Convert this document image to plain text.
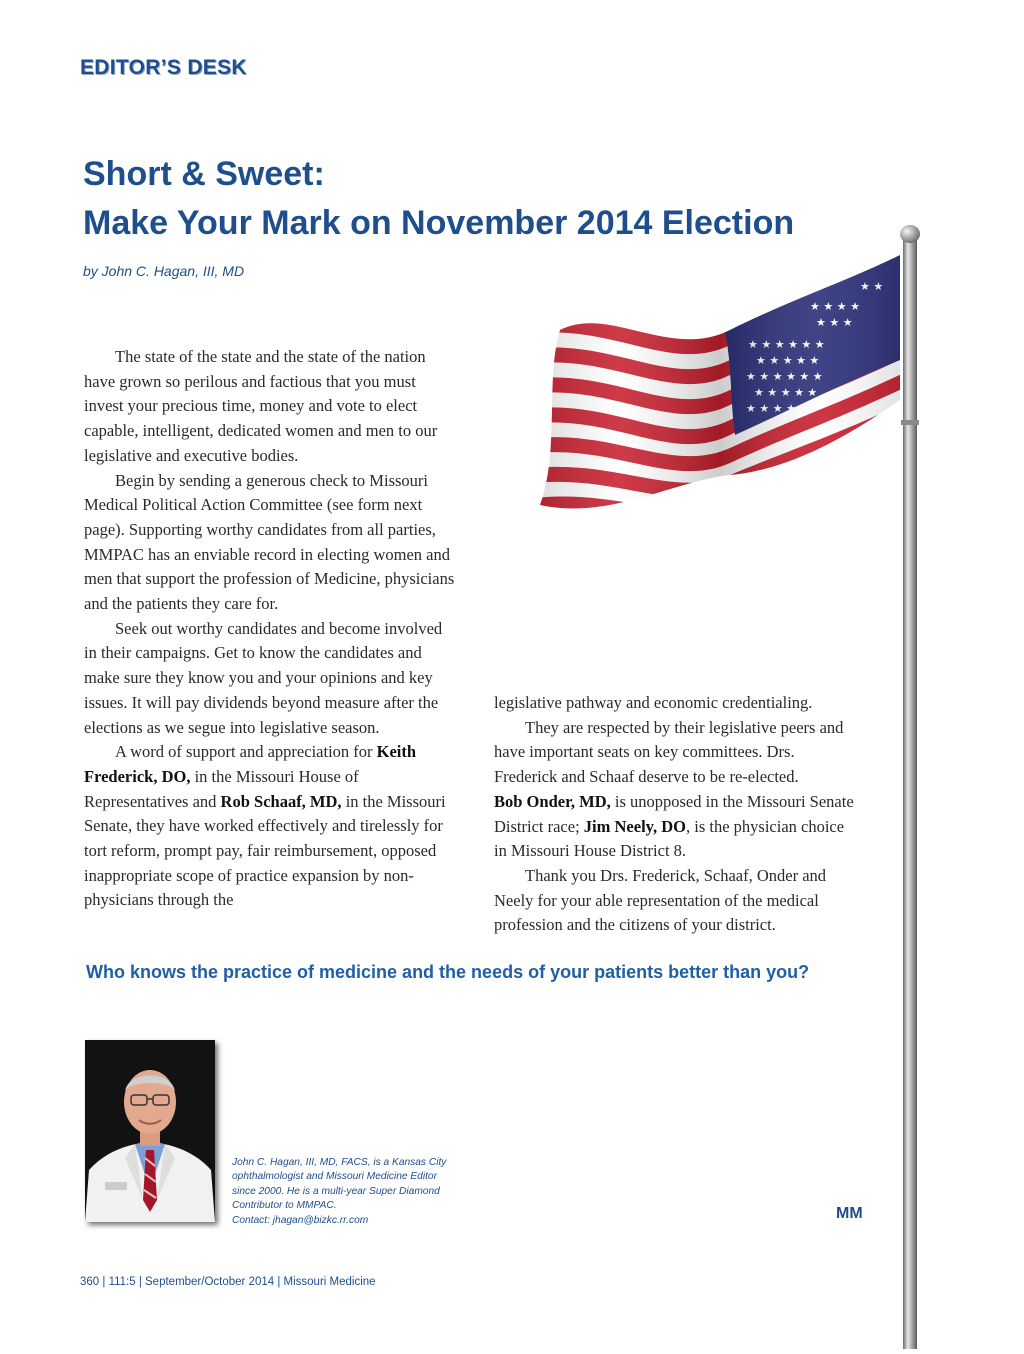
EDITOR’S DESK
Short & Sweet:
Make Your Mark on November 2014 Election
by John C. Hagan, III, MD

The state of the state and the state of the nation have grown so perilous and factious that you must invest your precious time, money and vote to elect capable, intelligent, dedicated women and men to our legislative and executive bodies.

Begin by sending a generous check to Missouri Medical Political Action Committee (see form next page). Supporting worthy candidates from all parties, MMPAC has an enviable record in electing women and men that support the profession of Medicine, physicians and the patients they care for.

Seek out worthy candidates and become involved in their campaigns. Get to know the candidates and make sure they know you and your opinions and key issues. It will pay dividends beyond measure after the elections as we segue into legislative season.

A word of support and appreciation for Keith Frederick, DO, in the Missouri House of Representatives and Rob Schaaf, MD, in the Missouri Senate, they have worked effectively and tirelessly for tort reform, prompt pay, fair reimbursement, opposed inappropriate scope of practice expansion by non-physicians through the

legislative pathway and economic credentialing.

They are respected by their legislative peers and have important seats on key committees. Drs. Frederick and Schaaf deserve to be re-elected.

Bob Onder, MD, is unopposed in the Missouri Senate District race; Jim Neely, DO, is the physician choice in Missouri House District 8.

Thank you Drs. Frederick, Schaaf, Onder and Neely for your able representation of the medical profession and the citizens of your district.

Who knows the practice of medicine and the needs of your patients better than you?

John C. Hagan, III, MD, FACS, is a Kansas City

ophthalmologist and Missouri Medicine Editor

since 2000. He is a multi-year Super Diamond

Contributor to MMPAC.

Contact: jhagan@bizkc.rr.com	MM
360 | 111:5 | September/October 2014 | Missouri Medicine
